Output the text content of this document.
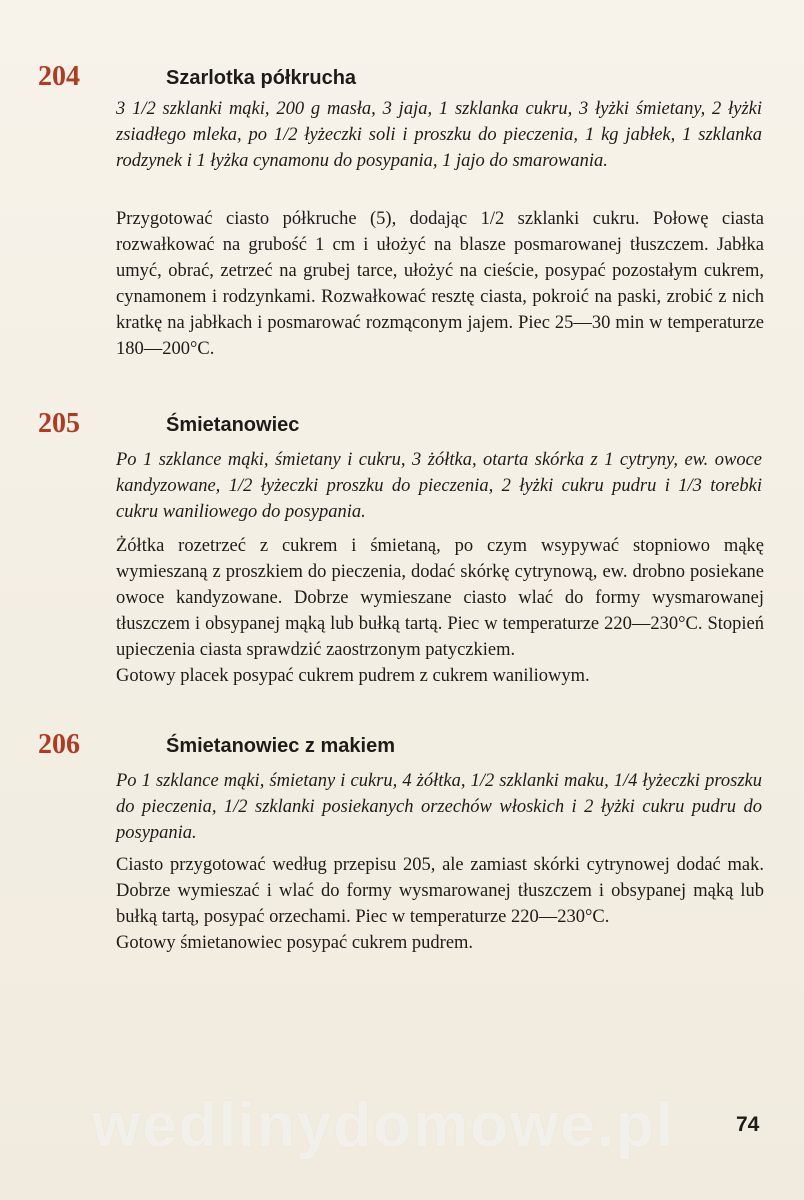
204	Szarlotka półkrucha
3 1/2 szklanki mąki, 200 g masła, 3 jaja, 1 szklanka cukru, 3 łyżki śmietany, 2 łyżki zsiadłego mleka, po 1/2 łyżeczki soli i proszku do pieczenia, 1 kg jabłek, 1 szklanka rodzynek i 1 łyżka cynamonu do posypania, 1 jajo do smarowania.

Przygotować ciasto półkruche (5), dodając 1/2 szklanki cukru. Połowę ciasta rozwałkować na grubość 1 cm i ułożyć na blasze posmarowanej tłuszczem. Jabłka umyć, obrać, zetrzeć na grubej tarce, ułożyć na cieście, posypać pozostałym cukrem, cynamonem i rodzynkami. Rozwałkować resztę ciasta, pokroić na paski, zrobić z nich kratkę na jabłkach i posmarować rozmąconym jajem. Piec 25—30 min w temperaturze 180—200°C.

205	Śmietanowiec
Po 1 szklance mąki, śmietany i cukru, 3 żółtka, otarta skórka z 1 cytryny, ew. owoce kandyzowane, 1/2 łyżeczki proszku do pieczenia, 2 łyżki cukru pudru i 1/3 torebki cukru waniliowego do posypania.

Żółtka rozetrzeć z cukrem i śmietaną, po czym wsypywać stopniowo mąkę wymieszaną z proszkiem do pieczenia, dodać skórkę cytrynową, ew. drobno posiekane owoce kandyzowane. Dobrze wymieszane ciasto wlać do formy wysmarowanej tłuszczem i obsypanej mąką lub bułką tartą. Piec w temperaturze 220—230°C. Stopień upieczenia ciasta sprawdzić zaostrzonym patyczkiem.

Gotowy placek posypać cukrem pudrem z cukrem waniliowym.

206	Śmietanowiec z makiem
Po 1 szklance mąki, śmietany i cukru, 4 żółtka, 1/2 szklanki maku, 1/4 łyżeczki proszku do pieczenia, 1/2 szklanki posiekanych orzechów włoskich i 2 łyżki cukru pudru do posypania.

Ciasto przygotować według przepisu 205, ale zamiast skórki cytrynowej dodać mak. Dobrze wymieszać i wlać do formy wysmarowanej tłuszczem i obsypanej mąką lub bułką tartą, posypać orzechami. Piec w temperaturze 220—230°C.

Gotowy śmietanowiec posypać cukrem pudrem.

wedlinydomowe.pl	74
